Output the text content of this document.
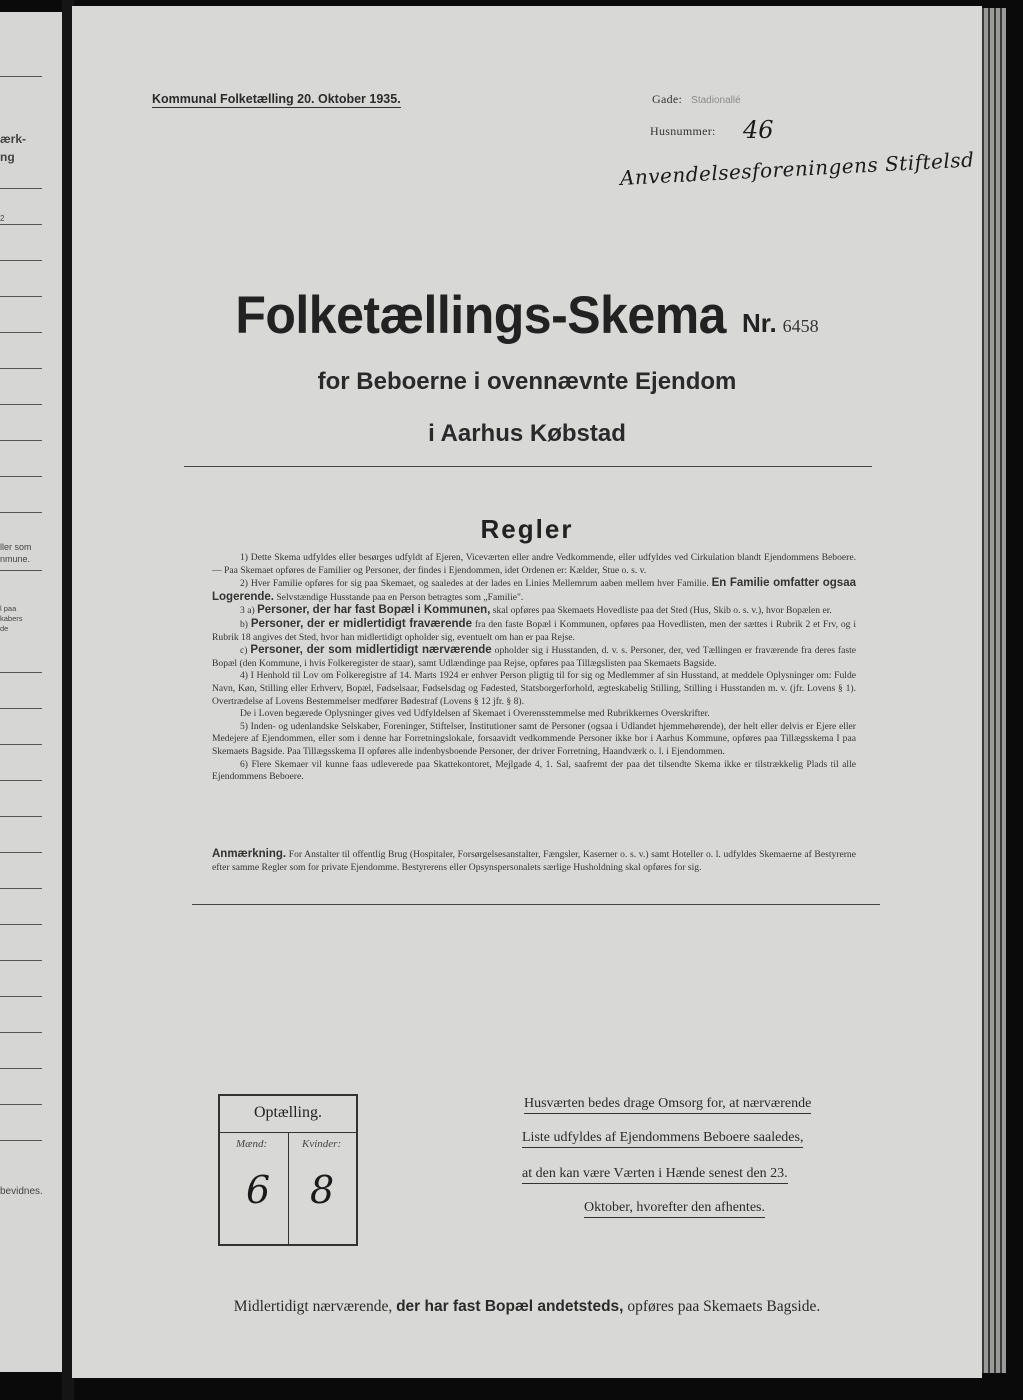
ærk-
ng
2
ller som
nmune.
l paa
kabers
de
bevidnes.
Kommunal Folketælling 20. Oktober 1935.	Gade: Stadionallé
Husnummer: 46
Anvendelsesforeningens Stiftelsd
Folketællings-Skema Nr. 6458
for Beboerne i ovennævnte Ejendom
i Aarhus Købstad
Regler

1) Dette Skema udfyldes eller besørges udfyldt af Ejeren, Viceværten eller andre Vedkommende, eller udfyldes ved Cirkulation blandt Ejendommens Beboere. — Paa Skemaet opføres de Familier og Personer, der findes i Ejendommen, idet Ordenen er: Kælder, Stue o. s. v.

2) Hver Familie opføres for sig paa Skemaet, og saaledes at der lades en Linies Mellemrum aaben mellem hver Familie. En Familie omfatter ogsaa Logerende. Selvstændige Husstande paa en Person betragtes som „Familie".

3 a) Personer, der har fast Bopæl i Kommunen, skal opføres paa Skemaets Hovedliste paa det Sted (Hus, Skib o. s. v.), hvor Bopælen er.

b) Personer, der er midlertidigt fraværende fra den faste Bopæl i Kommunen, opføres paa Hovedlisten, men der sættes i Rubrik 2 et Frv, og i Rubrik 18 angives det Sted, hvor han midlertidigt opholder sig, eventuelt om han er paa Rejse.

c) Personer, der som midlertidigt nærværende opholder sig i Husstanden, d. v. s. Personer, der, ved Tællingen er fraværende fra deres faste Bopæl (den Kommune, i hvis Folkeregister de staar), samt Udlændinge paa Rejse, opføres paa Tillægslisten paa Skemaets Bagside.

4) I Henhold til Lov om Folkeregistre af 14. Marts 1924 er enhver Person pligtig til for sig og Medlemmer af sin Husstand, at meddele Oplysninger om: Fulde Navn, Køn, Stilling eller Erhverv, Bopæl, Fødselsaar, Fødselsdag og Fødested, Statsborgerforhold, ægteskabelig Stilling, Stilling i Husstanden m. v. (jfr. Lovens § 1). Overtrædelse af Lovens Bestemmelser medfører Bødestraf (Lovens § 12 jfr. § 8).

De i Loven begærede Oplysninger gives ved Udfyldelsen af Skemaet i Overensstemmelse med Rubrikkernes Overskrifter.

5) Inden- og udenlandske Selskaber, Foreninger, Stiftelser, Institutioner samt de Personer (ogsaa i Udlandet hjemmehørende), der helt eller delvis er Ejere eller Medejere af Ejendommen, eller som i denne har Forretningslokale, forsaavidt vedkommende Personer ikke bor i Aarhus Kommune, opføres paa Tillægsskema I paa Skemaets Bagside. Paa Tillægsskema II opføres alle indenbysboende Personer, der driver Forretning, Haandværk o. l. i Ejendommen.

6) Flere Skemaer vil kunne faas udleverede paa Skattekontoret, Mejlgade 4, 1. Sal, saafremt der paa det tilsendte Skema ikke er tilstrækkelig Plads til alle Ejendommens Beboere.

Anmærkning. For Anstalter til offentlig Brug (Hospitaler, Forsørgelsesanstalter, Fængsler, Kaserner o. s. v.) samt Hoteller o. l. udfyldes Skemaerne af Bestyrerne efter samme Regler som for private Ejendomme. Bestyrerens eller Opsynspersonalets særlige Husholdning skal opføres for sig.
Optælling.
Mænd:	Kvinder:
6 8
Husværten bedes drage Omsorg for, at nærværende
Liste udfyldes af Ejendommens Beboere saaledes,
at den kan være Værten i Hænde senest den 23.
Oktober, hvorefter den afhentes.
Midlertidigt nærværende, der har fast Bopæl andetsteds, opføres paa Skemaets Bagside.
